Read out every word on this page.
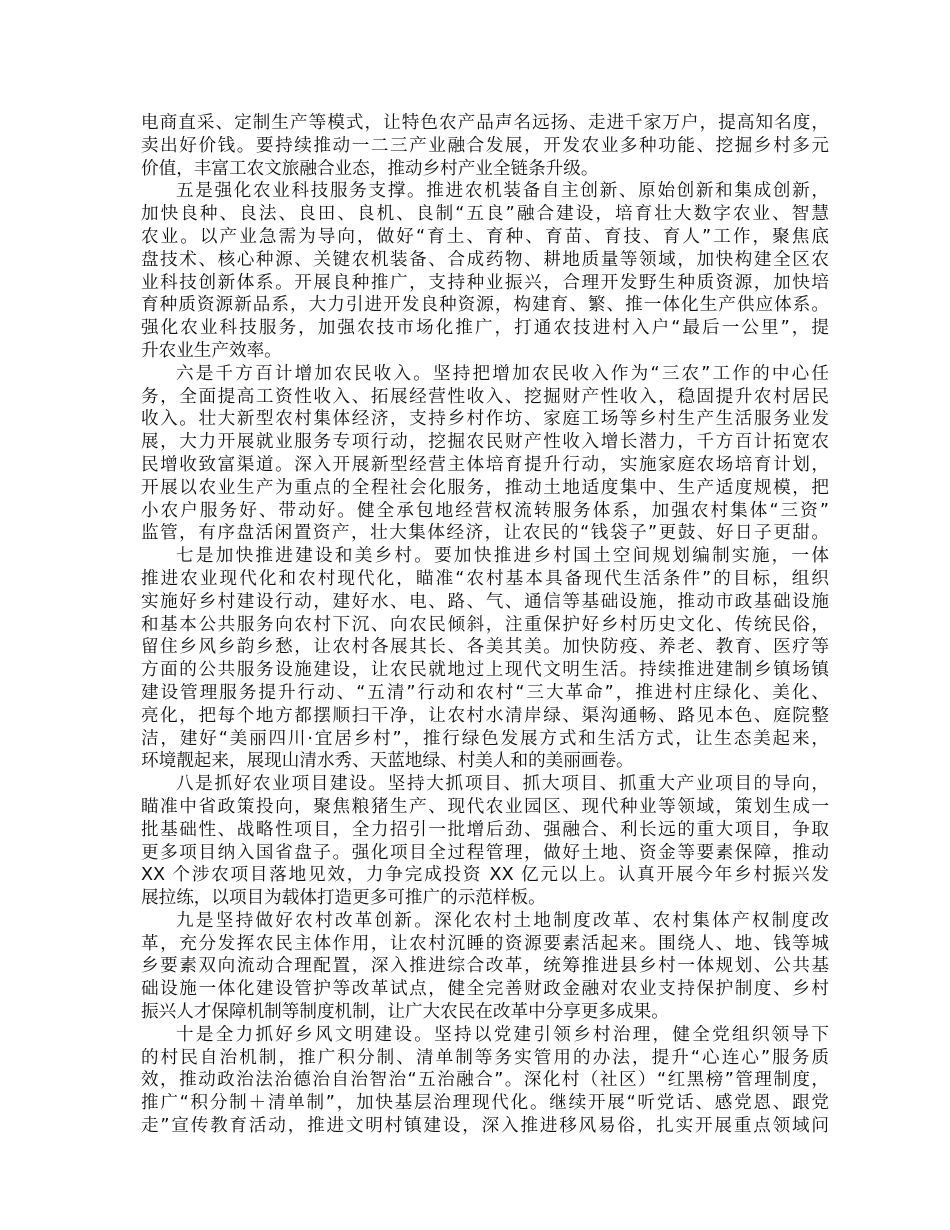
电商直采、定制生产等模式，让特色农产品声名远扬、走进千家万户，提高知名度，
卖出好价钱。要持续推动一二三产业融合发展，开发农业多种功能、挖掘乡村多元
价值，丰富工农文旅融合业态，推动乡村产业全链条升级。
五是强化农业科技服务支撑。推进农机装备自主创新、原始创新和集成创新，
加快良种、良法、良田、良机、良制“五良”融合建设，培育壮大数字农业、智慧
农业。以产业急需为导向，做好“育土、育种、育苗、育技、育人”工作，聚焦底
盘技术、核心种源、关键农机装备、合成药物、耕地质量等领域，加快构建全区农
业科技创新体系。开展良种推广，支持种业振兴，合理开发野生种质资源，加快培
育种质资源新品系，大力引进开发良种资源，构建育、繁、推一体化生产供应体系。
强化农业科技服务，加强农技市场化推广，打通农技进村入户“最后一公里”，提
升农业生产效率。
六是千方百计增加农民收入。坚持把增加农民收入作为“三农”工作的中心任
务，全面提高工资性收入、拓展经营性收入、挖掘财产性收入，稳固提升农村居民
收入。壮大新型农村集体经济，支持乡村作坊、家庭工场等乡村生产生活服务业发
展，大力开展就业服务专项行动，挖掘农民财产性收入增长潜力，千方百计拓宽农
民增收致富渠道。深入开展新型经营主体培育提升行动，实施家庭农场培育计划，
开展以农业生产为重点的全程社会化服务，推动土地适度集中、生产适度规模，把
小农户服务好、带动好。健全承包地经营权流转服务体系，加强农村集体“三资”
监管，有序盘活闲置资产，壮大集体经济，让农民的“钱袋子”更鼓、好日子更甜。
七是加快推进建设和美乡村。要加快推进乡村国土空间规划编制实施，一体
推进农业现代化和农村现代化，瞄准“农村基本具备现代生活条件”的目标，组织
实施好乡村建设行动，建好水、电、路、气、通信等基础设施，推动市政基础设施
和基本公共服务向农村下沉、向农民倾斜，注重保护好乡村历史文化、传统民俗，
留住乡风乡韵乡愁，让农村各展其长、各美其美。加快防疫、养老、教育、医疗等
方面的公共服务设施建设，让农民就地过上现代文明生活。持续推进建制乡镇场镇
建设管理服务提升行动、“五清”行动和农村“三大革命”，推进村庄绿化、美化、
亮化，把每个地方都摆顺扫干净，让农村水清岸绿、渠沟通畅、路见本色、庭院整
洁，建好“美丽四川·宜居乡村”，推行绿色发展方式和生活方式，让生态美起来，
环境靓起来，展现山清水秀、天蓝地绿、村美人和的美丽画卷。
八是抓好农业项目建设。坚持大抓项目、抓大项目、抓重大产业项目的导向，
瞄准中省政策投向，聚焦粮猪生产、现代农业园区、现代种业等领域，策划生成一
批基础性、战略性项目，全力招引一批增后劲、强融合、利长远的重大项目，争取
更多项目纳入国省盘子。强化项目全过程管理，做好土地、资金等要素保障，推动
XX 个涉农项目落地见效，力争完成投资 XX 亿元以上。认真开展今年乡村振兴发
展拉练，以项目为载体打造更多可推广的示范样板。
九是坚持做好农村改革创新。深化农村土地制度改革、农村集体产权制度改
革，充分发挥农民主体作用，让农村沉睡的资源要素活起来。围绕人、地、钱等城
乡要素双向流动合理配置，深入推进综合改革，统筹推进县乡村一体规划、公共基
础设施一体化建设管护等改革试点，健全完善财政金融对农业支持保护制度、乡村
振兴人才保障机制等制度机制，让广大农民在改革中分享更多成果。
十是全力抓好乡风文明建设。坚持以党建引领乡村治理，健全党组织领导下
的村民自治机制，推广积分制、清单制等务实管用的办法，提升“心连心”服务质
效，推动政治法治德治自治智治“五治融合”。深化村（社区）“红黑榜”管理制度，
推广“积分制＋清单制”，加快基层治理现代化。继续开展“听党话、感党恩、跟党
走”宣传教育活动，推进文明村镇建设，深入推进移风易俗，扎实开展重点领域问
